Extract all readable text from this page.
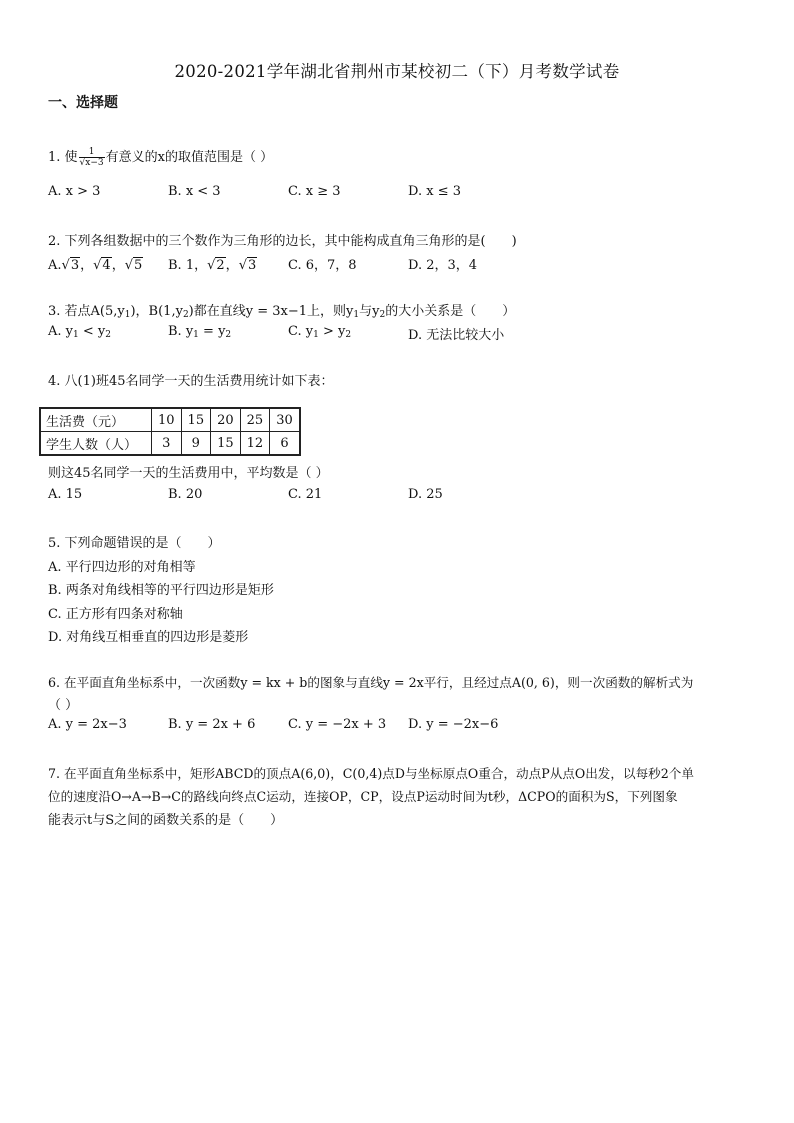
2020-2021学年湖北省荆州市某校初二（下）月考数学试卷
一、选择题
1. 使 $\frac{1}{√x-3}$ 有意义的x的取值范围是（ ）
A. x > 3	B. x < 3	C. x ≥ 3	D. x ≤ 3
2. 下列各组数据中的三个数作为三角形的边长，其中能构成直角三角形的是(　　)
A.√3，√4，√5 B. 1，√2，√3 C. 6，7，8	D. 2，3，4
3. 若点$A(5,y_1)$，$B(1,y_2)$都在直线y = 3x−1上，则$y_1$与$y_2$的大小关系是（　　）
A. $y_1 < y_2$	B. $y_1 = y_2$	C. $y_1 > y_2$	D. 无法比较大小
4. 八(1)班45名同学一天的生活费用统计如下表：
生活费（元）	10	15	20	25	30
学生人数（人）	3	9	15	12	6
则这45名同学一天的生活费用中，平均数是（ ）
A. 15	B. 20	C. 21	D. 25
5. 下列命题错误的是（　　）
A. 平行四边形的对角相等
B. 两条对角线相等的平行四边形是矩形
C. 正方形有四条对称轴
D. 对角线互相垂直的四边形是菱形
6. 在平面直角坐标系中，一次函数y = kx + b的图象与直线y = 2x平行，且经过点A(0, 6)，则一次函数的解析式为
（ ）
A. y = 2x−3	B. y = 2x + 6	C. y = −2x + 3 D. y = −2x−6
7. 在平面直角坐标系中，矩形ABCD的顶点A(6,0)，C(0,4)点D与坐标原点O重合，动点P从点O出发，以每秒2个单
位的速度沿O→A→B→C的路线向终点C运动，连接OP，CP，设点P运动时间为t秒，ΔCPO的面积为S，下列图象
能表示t与S之间的函数关系的是（　　）
